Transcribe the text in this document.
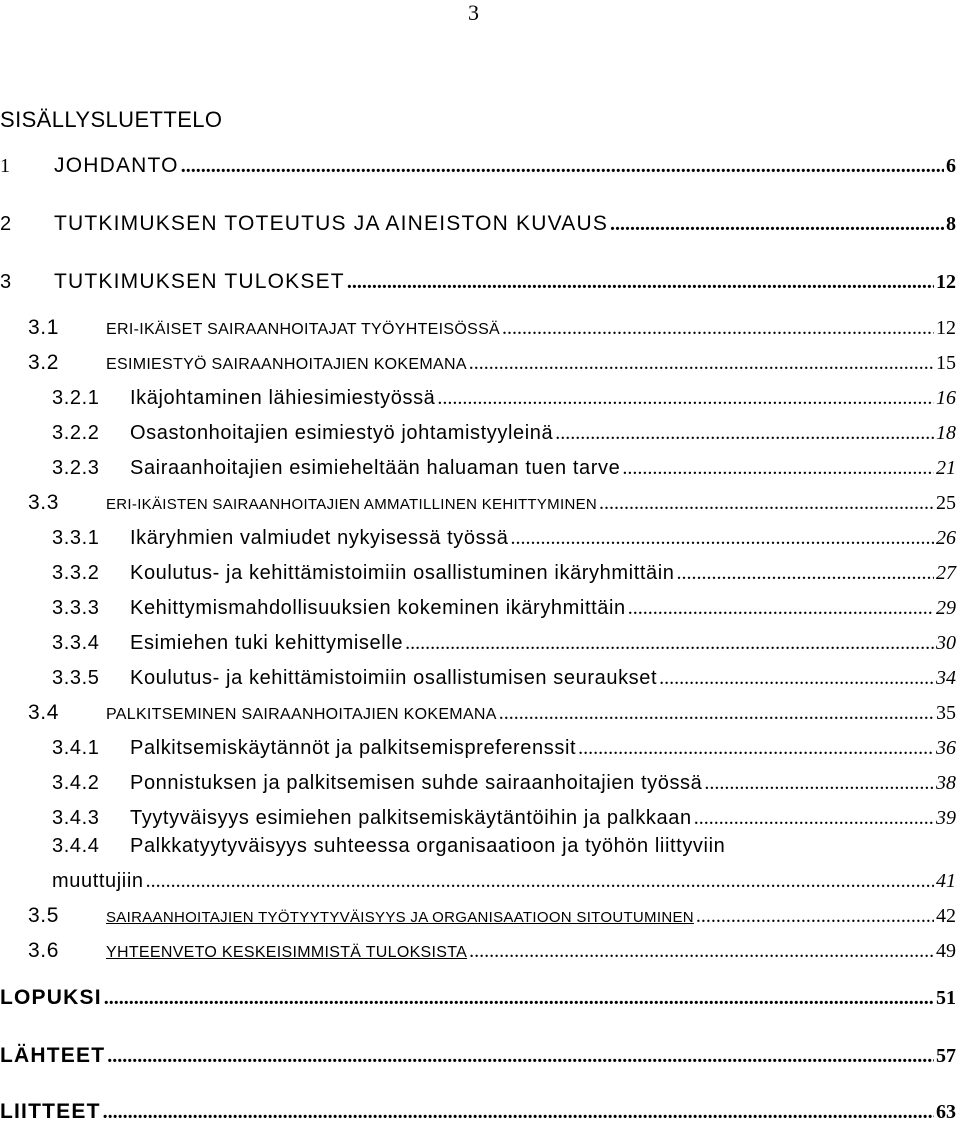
3
SISÄLLYSLUETTELO
1	JOHDANTO .....	6
2	TUTKIMUKSEN TOTEUTUS JA AINEISTON KUVAUS .....	8
3	TUTKIMUKSEN TULOKSET .....	12
3.1	ERI-IKÄISET SAIRAANHOITAJAT TYÖYHTEISÖSSÄ .....	12
3.2	ESIMIESTYÖ SAIRAANHOITAJIEN KOKEMANA .....	15
3.2.1	Ikäjohtaminen lähiesimiestyössä .....	16
3.2.2	Osastonhoitajien esimiestyö johtamistyyleinä .....	18
3.2.3	Sairaanhoitajien esimieheltään haluaman tuen tarve .....	21
3.3	ERI-IKÄISTEN SAIRAANHOITAJIEN AMMATILLINEN KEHITTYMINEN .....	25
3.3.1	Ikäryhmien valmiudet nykyisessä työssä .....	26
3.3.2	Koulutus- ja kehittämistoimiin osallistuminen ikäryhmittäin .....	27
3.3.3	Kehittymismahdollisuuksien kokeminen ikäryhmittäin .....	29
3.3.4	Esimiehen tuki kehittymiselle .....	30
3.3.5	Koulutus- ja kehittämistoimiin osallistumisen seuraukset .....	34
3.4	PALKITSEMINEN SAIRAANHOITAJIEN KOKEMANA .....	35
3.4.1	Palkitsemiskäytännöt ja palkitsemispreferenssit .....	36
3.4.2	Ponnistuksen ja palkitsemisen suhde sairaanhoitajien työssä .....	38
3.4.3	Tyytyväisyys esimiehen palkitsemiskäytäntöihin ja palkkaan .....	39
3.4.4 Palkkatyytyväisyys suhteessa organisaatioon ja työhön liittyviin
muuttujiin .....	41
3.5	SAIRAANHOITAJIEN TYÖTYYTYVÄISYYS JA ORGANISAATIOON SITOUTUMINEN .....	42
3.6	YHTEENVETO KESKEISIMMISTÄ TULOKSISTA .....	49
LOPUKSI .....	51
LÄHTEET .....	57
LIITTEET .....	63
